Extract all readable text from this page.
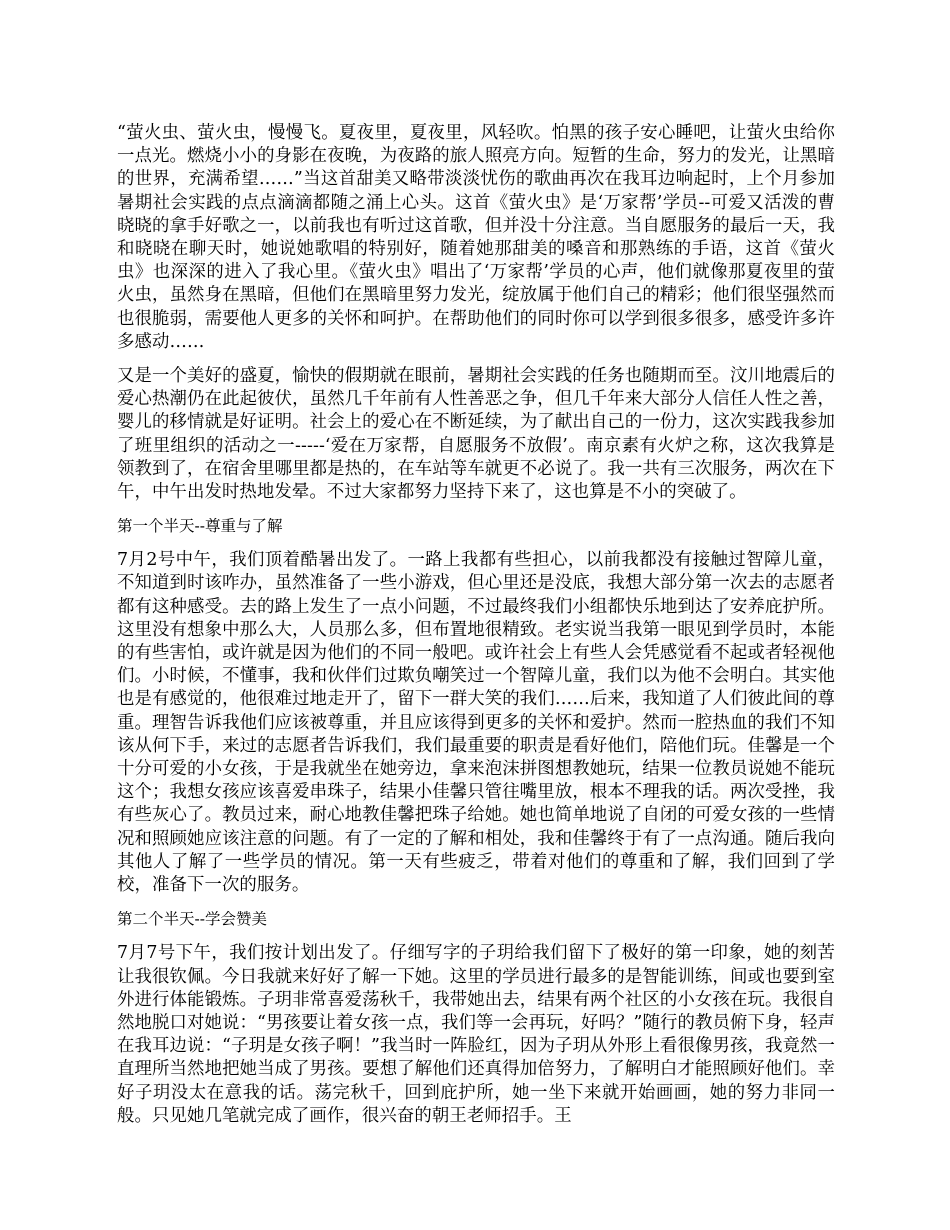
“萤火虫、萤火虫，慢慢飞。夏夜里，夏夜里，风轻吹。怕黑的孩子安心睡吧，让萤火虫给你一点光。燃烧小小的身影在夜晚，为夜路的旅人照亮方向。短暂的生命，努力的发光，让黑暗的世界，充满希望……”当这首甜美又略带淡淡忧伤的歌曲再次在我耳边响起时，上个月参加暑期社会实践的点点滴滴都随之涌上心头。这首《萤火虫》是‘万家帮’学员--可爱又活泼的曹晓晓的拿手好歌之一，以前我也有听过这首歌，但并没十分注意。当自愿服务的最后一天，我和晓晓在聊天时，她说她歌唱的特别好，随着她那甜美的嗓音和那熟练的手语，这首《萤火虫》也深深的进入了我心里。《萤火虫》唱出了‘万家帮’学员的心声，他们就像那夏夜里的萤火虫，虽然身在黑暗，但他们在黑暗里努力发光，绽放属于他们自己的精彩；他们很坚强然而也很脆弱，需要他人更多的关怀和呵护。在帮助他们的同时你可以学到很多很多，感受许多许多感动……

又是一个美好的盛夏，愉快的假期就在眼前，暑期社会实践的任务也随期而至。汶川地震后的爱心热潮仍在此起彼伏，虽然几千年前有人性善恶之争，但几千年来大部分人信任人性之善，婴儿的移情就是好证明。社会上的爱心在不断延续，为了献出自己的一份力，这次实践我参加了班里组织的活动之一-----‘爱在万家帮，自愿服务不放假’。南京素有火炉之称，这次我算是领教到了，在宿舍里哪里都是热的，在车站等车就更不必说了。我一共有三次服务，两次在下午，中午出发时热地发晕。不过大家都努力坚持下来了，这也算是不小的突破了。

第一个半天--尊重与了解

7月2号中午，我们顶着酷暑出发了。一路上我都有些担心，以前我都没有接触过智障儿童，不知道到时该咋办，虽然准备了一些小游戏，但心里还是没底，我想大部分第一次去的志愿者都有这种感受。去的路上发生了一点小问题，不过最终我们小组都快乐地到达了安养庇护所。这里没有想象中那么大，人员那么多，但布置地很精致。老实说当我第一眼见到学员时，本能的有些害怕，或许就是因为他们的不同一般吧。或许社会上有些人会凭感觉看不起或者轻视他们。小时候，不懂事，我和伙伴们过欺负嘲笑过一个智障儿童，我们以为他不会明白。其实他也是有感觉的，他很难过地走开了，留下一群大笑的我们……后来，我知道了人们彼此间的尊重。理智告诉我他们应该被尊重，并且应该得到更多的关怀和爱护。然而一腔热血的我们不知该从何下手，来过的志愿者告诉我们，我们最重要的职责是看好他们，陪他们玩。佳馨是一个十分可爱的小女孩，于是我就坐在她旁边，拿来泡沫拼图想教她玩，结果一位教员说她不能玩这个；我想女孩应该喜爱串珠子，结果小佳馨只管往嘴里放，根本不理我的话。两次受挫，我有些灰心了。教员过来，耐心地教佳馨把珠子给她。她也简单地说了自闭的可爱女孩的一些情况和照顾她应该注意的问题。有了一定的了解和相处，我和佳馨终于有了一点沟通。随后我向其他人了解了一些学员的情况。第一天有些疲乏，带着对他们的尊重和了解，我们回到了学校，准备下一次的服务。

第二个半天--学会赞美

7月7号下午，我们按计划出发了。仔细写字的子玥给我们留下了极好的第一印象，她的刻苦让我很钦佩。今日我就来好好了解一下她。这里的学员进行最多的是智能训练，间或也要到室外进行体能锻炼。子玥非常喜爱荡秋千，我带她出去，结果有两个社区的小女孩在玩。我很自然地脱口对她说：“男孩要让着女孩一点，我们等一会再玩，好吗？”随行的教员俯下身，轻声在我耳边说：“子玥是女孩子啊！”我当时一阵脸红，因为子玥从外形上看很像男孩，我竟然一直理所当然地把她当成了男孩。要想了解他们还真得加倍努力，了解明白才能照顾好他们。幸好子玥没太在意我的话。荡完秋千，回到庇护所，她一坐下来就开始画画，她的努力非同一般。只见她几笔就完成了画作，很兴奋的朝王老师招手。王
